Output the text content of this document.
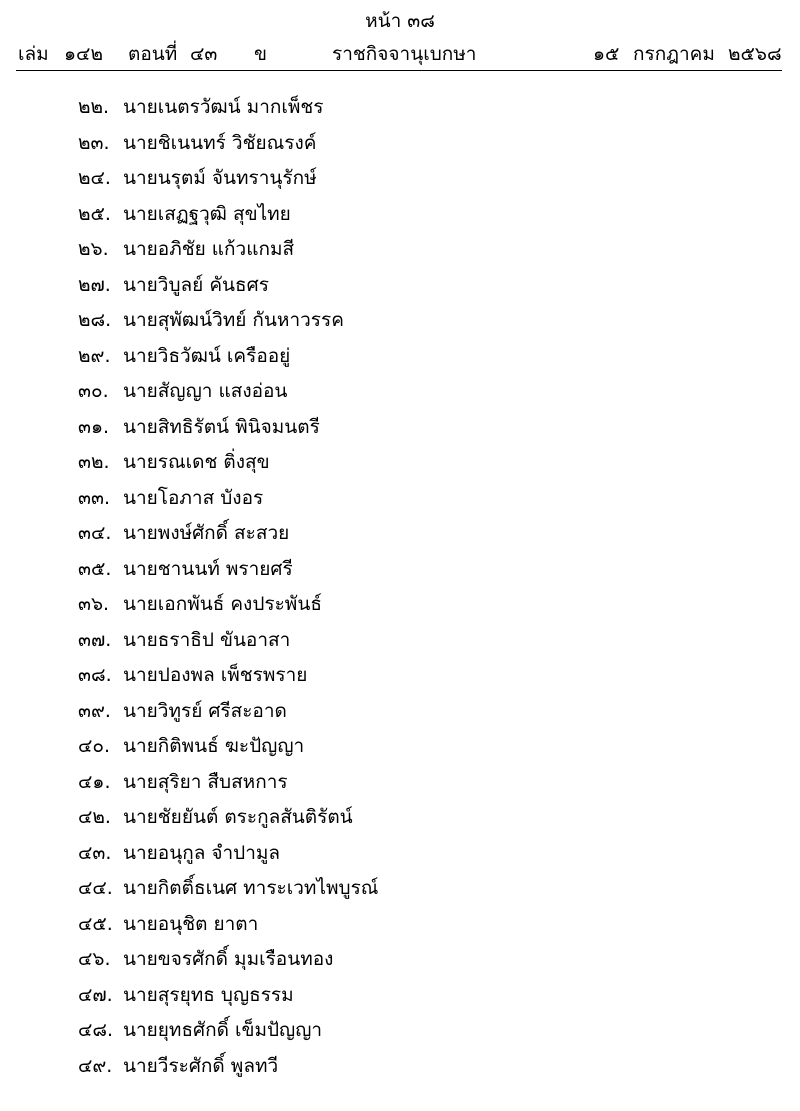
หน้า ๓๘
เล่ม ๑๔๒ ตอนที่ ๔๓ ข	ราชกิจจานุเบกษา	๑๕ กรกฎาคม ๒๕๖๘
๒๒. นายเนตรวัฒน์ มากเพ็ชร
๒๓. นายชิเนนทร์ วิชัยณรงค์
๒๔. นายนรุตม์ จันทรานุรักษ์
๒๕. นายเสฏฐวุฒิ สุขไทย
๒๖. นายอภิชัย แก้วแกมสี
๒๗. นายวิบูลย์ คันธศร
๒๘. นายสุพัฒน์วิทย์ กันหาวรรค
๒๙. นายวิธวัฒน์ เครืออยู่
๓๐. นายสัญญา แสงอ่อน
๓๑. นายสิทธิรัตน์ พินิจมนตรี
๓๒. นายรณเดช ติ่งสุข
๓๓. นายโอภาส บังอร
๓๔. นายพงษ์ศักดิ์ สะสวย
๓๕. นายชานนท์ พรายศรี
๓๖. นายเอกพันธ์ คงประพันธ์
๓๗. นายธราธิป ขันอาสา
๓๘. นายปองพล เพ็ชรพราย
๓๙. นายวิทูรย์ ศรีสะอาด
๔๐. นายกิติพนธ์ ฆะปัญญา
๔๑. นายสุริยา สืบสหการ
๔๒. นายชัยยันต์ ตระกูลสันติรัตน์
๔๓. นายอนุกูล จำปามูล
๔๔. นายกิตติ์ธเนศ ทาระเวทไพบูรณ์
๔๕. นายอนุชิต ยาตา
๔๖. นายขจรศักดิ์ มุมเรือนทอง
๔๗. นายสุรยุทธ บุญธรรม
๔๘. นายยุทธศักดิ์ เข็มปัญญา
๔๙. นายวีระศักดิ์ พูลทวี
